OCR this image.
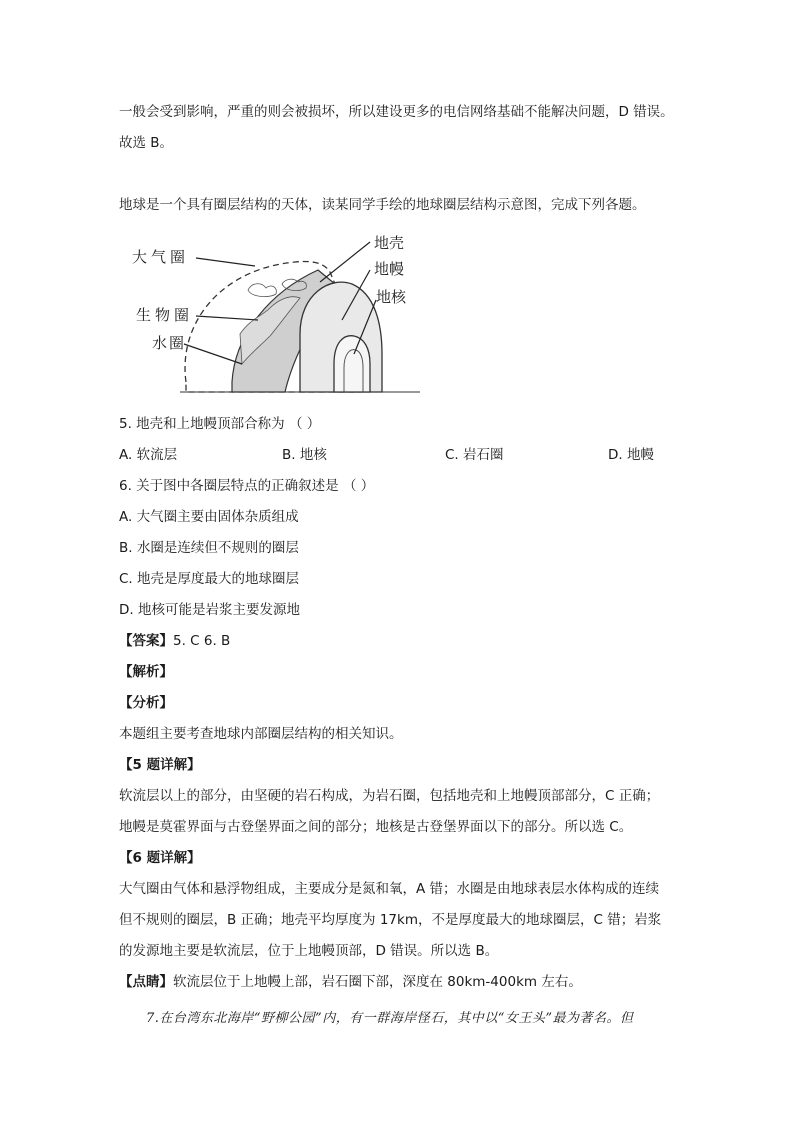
一般会受到影响，严重的则会被损坏，所以建设更多的电信网络基础不能解决问题，D 错误。
故选 B。
地球是一个具有圈层结构的天体，读某同学手绘的地球圈层结构示意图，完成下列各题。
地壳
地幔
地核
大气圈
生物圈
水圈
5. 地壳和上地幔顶部合称为 （ ）
A. 软流层	B. 地核	C. 岩石圈	D. 地幔
6. 关于图中各圈层特点的正确叙述是 （ ）
A. 大气圈主要由固体杂质组成
B. 水圈是连续但不规则的圈层
C. 地壳是厚度最大的地球圈层
D. 地核可能是岩浆主要发源地
【答案】5. C 6. B
【解析】
【分析】
本题组主要考查地球内部圈层结构的相关知识。
【5 题详解】
软流层以上的部分，由坚硬的岩石构成，为岩石圈，包括地壳和上地幔顶部部分，C 正确；
地幔是莫霍界面与古登堡界面之间的部分；地核是古登堡界面以下的部分。所以选 C。
【6 题详解】
大气圈由气体和悬浮物组成，主要成分是氮和氧，A 错；水圈是由地球表层水体构成的连续
但不规则的圈层，B 正确；地壳平均厚度为 17km，不是厚度最大的地球圈层，C 错；岩浆
的发源地主要是软流层，位于上地幔顶部，D 错误。所以选 B。
【点睛】软流层位于上地幔上部，岩石圈下部，深度在 80km-400km 左右。
7.在台湾东北海岸“野柳公园”内，有一群海岸怪石，其中以“女王头”最为著名。但
